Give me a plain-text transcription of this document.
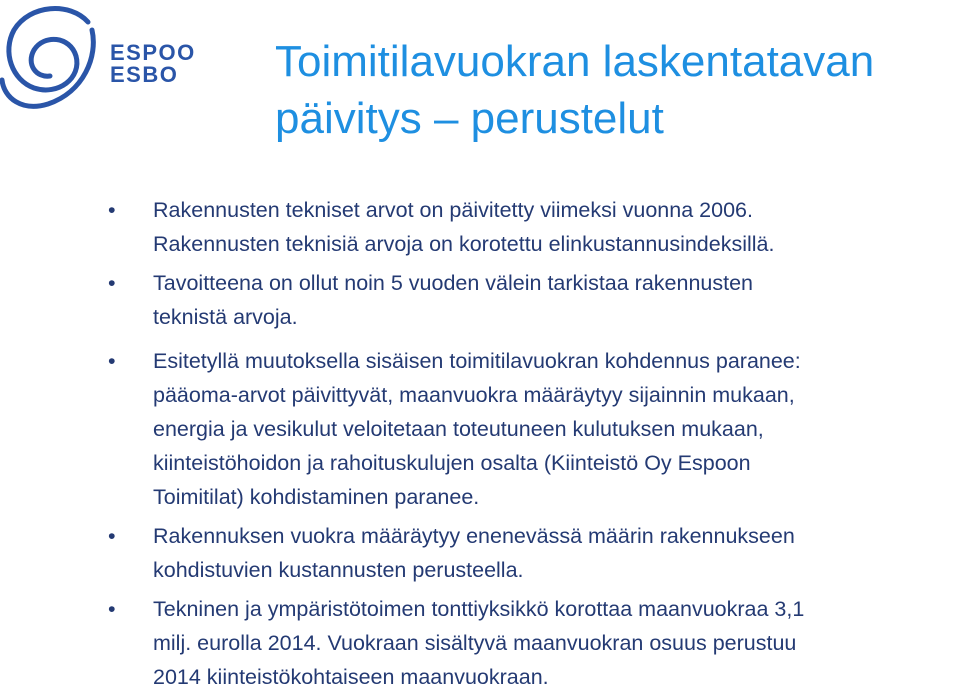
ESPOO
ESBO Toimitilavuokran laskentatavan
päivitys – perustelut
• Rakennusten tekniset arvot on päivitetty viimeksi vuonna 2006.
Rakennusten teknisiä arvoja on korotettu elinkustannusindeksillä.
• Tavoitteena on ollut noin 5 vuoden välein tarkistaa rakennusten
teknistä arvoja.
• Esitetyllä muutoksella sisäisen toimitilavuokran kohdennus paranee:
pääoma-arvot päivittyvät, maanvuokra määräytyy sijainnin mukaan,
energia ja vesikulut veloitetaan toteutuneen kulutuksen mukaan,
kiinteistöhoidon ja rahoituskulujen osalta (Kiinteistö Oy Espoon
Toimitilat) kohdistaminen paranee.
• Rakennuksen vuokra määräytyy enenevässä määrin rakennukseen
kohdistuvien kustannusten perusteella.
• Tekninen ja ympäristötoimen tonttiyksikkö korottaa maanvuokraa 3,1
milj. eurolla 2014. Vuokraan sisältyvä maanvuokran osuus perustuu
2014 kiinteistökohtaiseen maanvuokraan.
